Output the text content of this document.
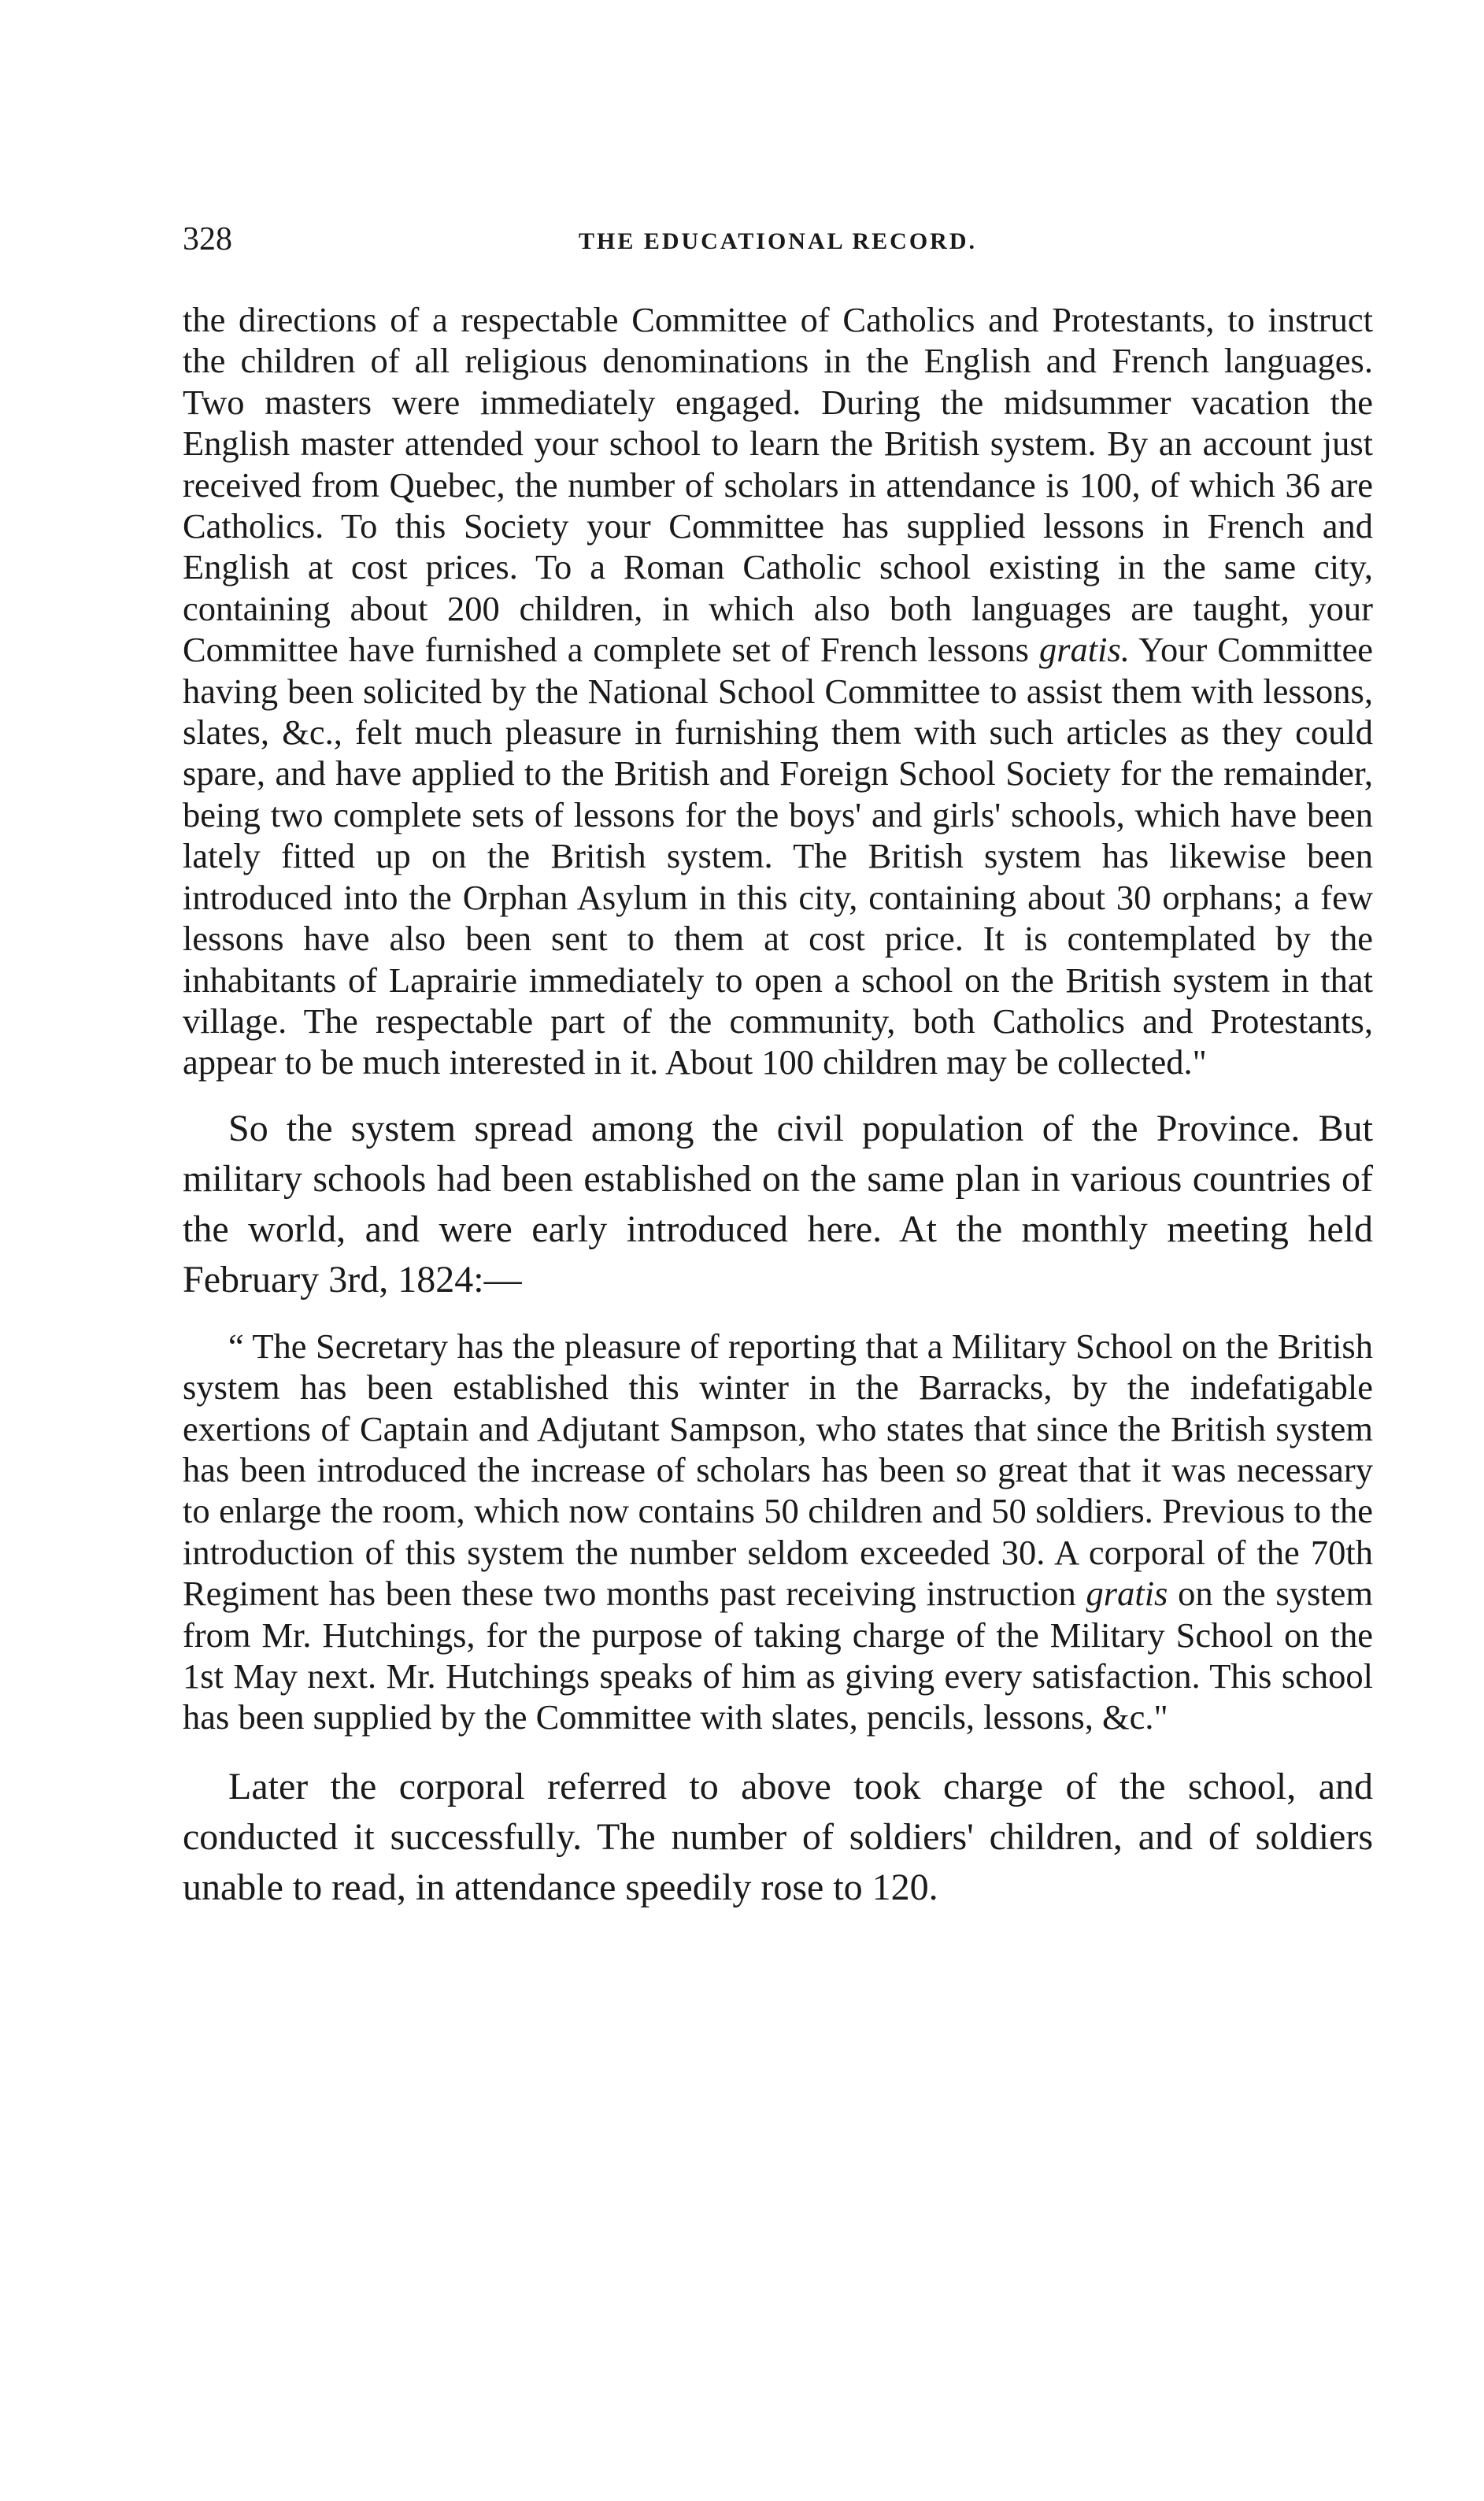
328	THE EDUCATIONAL RECORD.

the directions of a respectable Committee of Catholics and Protestants, to instruct the children of all religious denominations in the English and French languages. Two masters were immediately engaged. During the midsummer vacation the English master attended your school to learn the British system. By an account just received from Quebec, the number of scholars in attendance is 100, of which 36 are Catholics. To this Society your Committee has supplied lessons in French and English at cost prices. To a Roman Catholic school existing in the same city, containing about 200 children, in which also both languages are taught, your Committee have furnished a complete set of French lessons gratis. Your Committee having been solicited by the National School Committee to assist them with lessons, slates, &c., felt much pleasure in furnishing them with such articles as they could spare, and have applied to the British and Foreign School Society for the remainder, being two complete sets of lessons for the boys' and girls' schools, which have been lately fitted up on the British system. The British system has likewise been introduced into the Orphan Asylum in this city, containing about 30 orphans; a few lessons have also been sent to them at cost price. It is contemplated by the inhabitants of Laprairie immediately to open a school on the British system in that village. The respectable part of the community, both Catholics and Protestants, appear to be much interested in it. About 100 children may be collected."

So the system spread among the civil population of the Province. But military schools had been established on the same plan in various countries of the world, and were early introduced here. At the monthly meeting held February 3rd, 1824:—

“ The Secretary has the pleasure of reporting that a Military School on the British system has been established this winter in the Barracks, by the indefatigable exertions of Captain and Adjutant Sampson, who states that since the British system has been introduced the increase of scholars has been so great that it was necessary to enlarge the room, which now contains 50 children and 50 soldiers. Previous to the introduction of this system the number seldom exceeded 30. A corporal of the 70th Regiment has been these two months past receiving instruction gratis on the system from Mr. Hutchings, for the purpose of taking charge of the Military School on the 1st May next. Mr. Hutchings speaks of him as giving every satisfaction. This school has been supplied by the Committee with slates, pencils, lessons, &c."

Later the corporal referred to above took charge of the school, and conducted it successfully. The number of soldiers' children, and of soldiers unable to read, in attendance speedily rose to 120.
